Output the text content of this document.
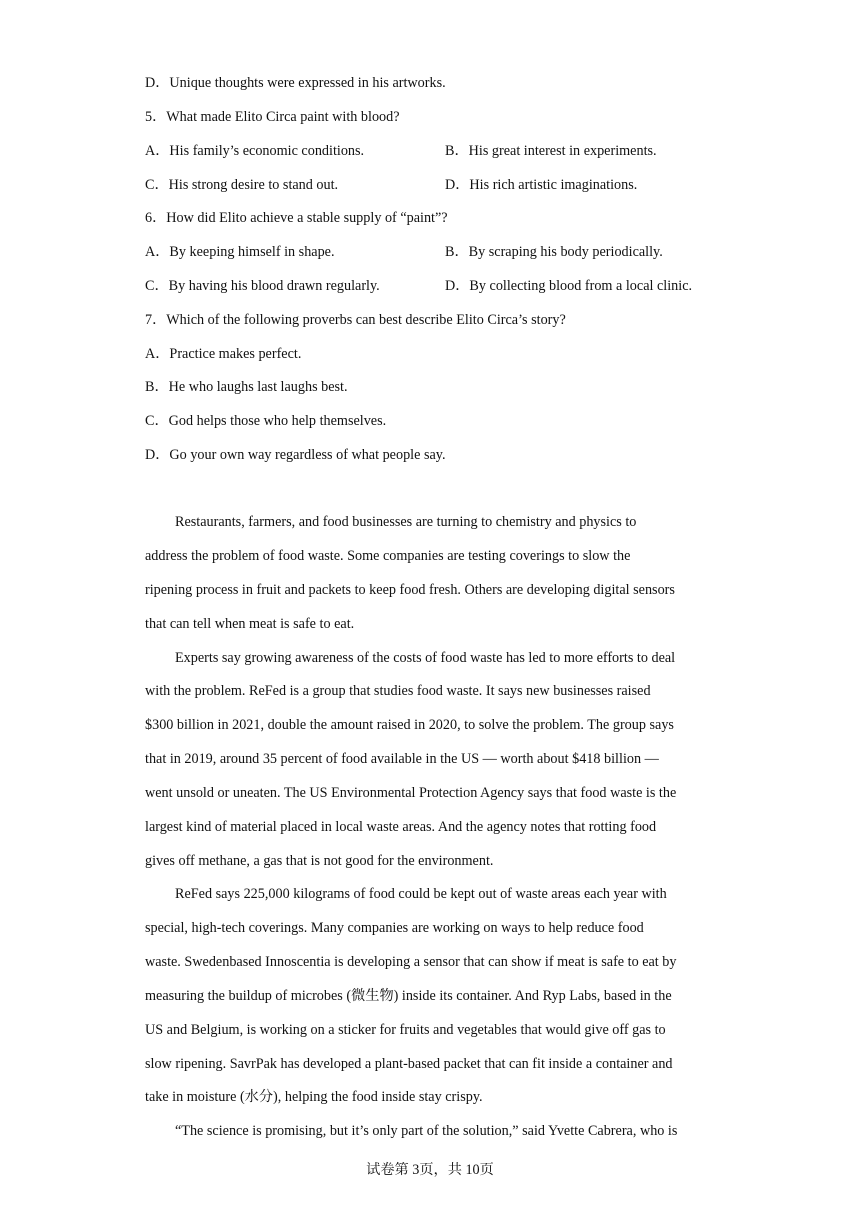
D．Unique thoughts were expressed in his artworks.
5．What made Elito Circa paint with blood?
A．His family’s economic conditions.	B．His great interest in experiments.
C．His strong desire to stand out.	D．His rich artistic imaginations.
6．How did Elito achieve a stable supply of “paint”?
A．By keeping himself in shape.	B．By scraping his body periodically.
C．By having his blood drawn regularly.	D．By collecting blood from a local clinic.
7．Which of the following proverbs can best describe Elito Circa’s story?
A．Practice makes perfect.
B．He who laughs last laughs best.
C．God helps those who help themselves.
D．Go your own way regardless of what people say.
Restaurants, farmers, and food businesses are turning to chemistry and physics to
address the problem of food waste. Some companies are testing coverings to slow the
ripening process in fruit and packets to keep food fresh. Others are developing digital sensors
that can tell when meat is safe to eat.
Experts say growing awareness of the costs of food waste has led to more efforts to deal
with the problem. ReFed is a group that studies food waste. It says new businesses raised
$300 billion in 2021, double the amount raised in 2020, to solve the problem. The group says
that in 2019, around 35 percent of food available in the US — worth about $418 billion —
went unsold or uneaten. The US Environmental Protection Agency says that food waste is the
largest kind of material placed in local waste areas. And the agency notes that rotting food
gives off methane, a gas that is not good for the environment.
ReFed says 225,000 kilograms of food could be kept out of waste areas each year with
special, high-tech coverings. Many companies are working on ways to help reduce food
waste. Swedenbased Innoscentia is developing a sensor that can show if meat is safe to eat by
measuring the buildup of microbes (微生物) inside its container. And Ryp Labs, based in the
US and Belgium, is working on a sticker for fruits and vegetables that would give off gas to
slow ripening. SavrPak has developed a plant-based packet that can fit inside a container and
take in moisture (水分), helping the food inside stay crispy.
“The science is promising, but it’s only part of the solution,” said Yvette Cabrera, who is
试卷第 3页，共 10页
